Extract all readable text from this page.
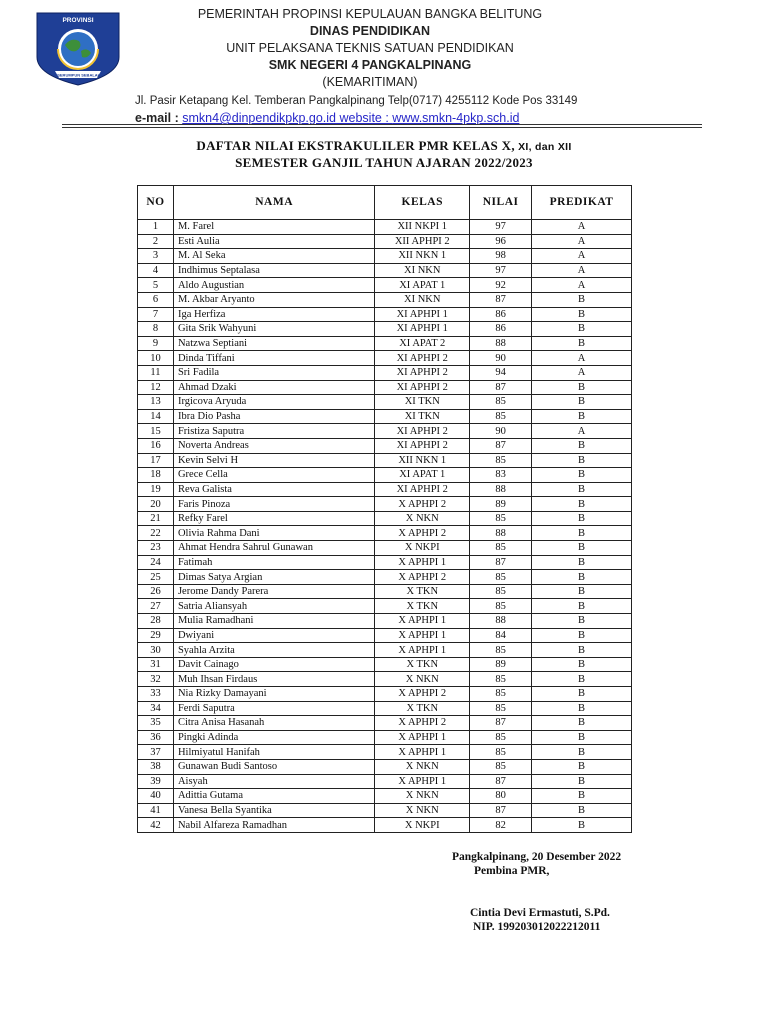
PROVINSI
SERUMPUN SEBALAI
PEMERINTAH PROPINSI KEPULAUAN BANGKA BELITUNG
DINAS PENDIDIKAN
UNIT PELAKSANA TEKNIS SATUAN PENDIDIKAN
SMK NEGERI 4 PANGKALPINANG
(KEMARITIMAN)
Jl. Pasir Ketapang Kel. Temberan Pangkalpinang Telp(0717) 4255112 Kode Pos 33149
e-mail : smkn4@dinpendikpkp.go.id website : www.smkn-4pkp.sch.id
DAFTAR NILAI EKSTRAKULILER PMR KELAS X, XI, dan XII
SEMESTER GANJIL TAHUN AJARAN 2022/2023
NO	NAMA	KELAS	NILAI	PREDIKAT
1	M. Farel	XII NKPI 1	97	A
2	Esti Aulia	XII APHPI 2	96	A
3	M. Al Seka	XII NKN 1	98	A
4	Indhimus Septalasa	XI NKN	97	A
5	Aldo Augustian	XI APAT 1	92	A
6	M. Akbar Aryanto	XI NKN	87	B
7	Iga Herfiza	XI APHPI 1	86	B
8	Gita Srik Wahyuni	XI APHPI 1	86	B
9	Natzwa Septiani	XI APAT 2	88	B
10	Dinda Tiffani	XI APHPI 2	90	A
11	Sri Fadila	XI APHPI 2	94	A
12	Ahmad Dzaki	XI APHPI 2	87	B
13	Irgicova Aryuda	XI TKN	85	B
14	Ibra Dio Pasha	XI TKN	85	B
15	Fristiza Saputra	XI APHPI 2	90	A
16	Noverta Andreas	XI APHPI 2	87	B
17	Kevin Selvi H	XII NKN 1	85	B
18	Grece Cella	XI APAT 1	83	B
19	Reva Galista	XI APHPI 2	88	B
20	Faris Pinoza	X APHPI 2	89	B
21	Refky Farel	X NKN	85	B
22	Olivia Rahma Dani	X APHPI 2	88	B
23	Ahmat Hendra Sahrul Gunawan	X NKPI	85	B
24	Fatimah	X APHPI 1	87	B
25	Dimas Satya Argian	X APHPI 2	85	B
26	Jerome Dandy Parera	X TKN	85	B
27	Satria Aliansyah	X TKN	85	B
28	Mulia Ramadhani	X APHPI 1	88	B
29	Dwiyani	X APHPI 1	84	B
30	Syahla Arzita	X APHPI 1	85	B
31	Davit Cainago	X TKN	89	B
32	Muh Ihsan Firdaus	X NKN	85	B
33	Nia Rizky Damayani	X APHPI 2	85	B
34	Ferdi Saputra	X TKN	85	B
35	Citra Anisa Hasanah	X APHPI 2	87	B
36	Pingki Adinda	X APHPI 1	85	B
37	Hilmiyatul Hanifah	X APHPI 1	85	B
38	Gunawan Budi Santoso	X NKN	85	B
39	Aisyah	X APHPI 1	87	B
40	Adittia Gutama	X NKN	80	B
41	Vanesa Bella Syantika	X NKN	87	B
42	Nabil Alfareza Ramadhan	X NKPI	82	B
Pangkalpinang, 20 Desember 2022
Pembina PMR,
Cintia Devi Ermastuti, S.Pd.
NIP. 199203012022212011
